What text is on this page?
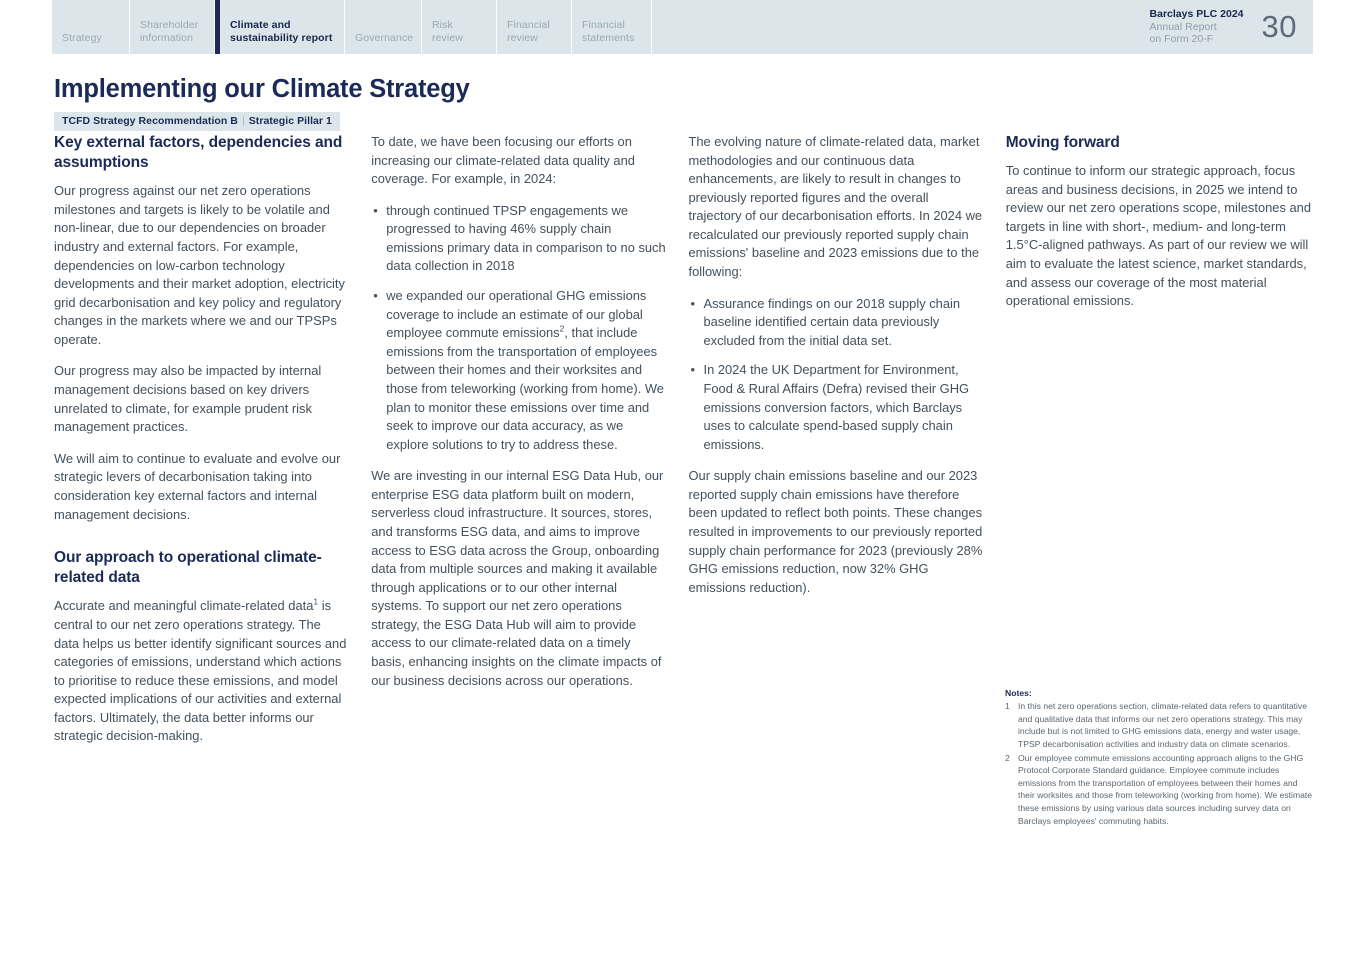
Strategy
Shareholder
information
Climate and
sustainability report Governance
Risk
review
Financial
review
Financial
statements
Barclays PLC 2024
Annual Report
on Form 20-F	30
Implementing our Climate Strategy
TCFD Strategy Recommendation B | Strategic Pillar 1
Key external factors, dependencies and assumptions

Our progress against our net zero operations milestones and targets is likely to be volatile and non-linear, due to our dependencies on broader industry and external factors. For example, dependencies on low-carbon technology developments and their market adoption, electricity grid decarbonisation and key policy and regulatory changes in the markets where we and our TPSPs operate.

Our progress may also be impacted by internal management decisions based on key drivers unrelated to climate, for example prudent risk management practices.

We will aim to continue to evaluate and evolve our strategic levers of decarbonisation taking into consideration key external factors and internal management decisions.

Our approach to operational climate-related data

Accurate and meaningful climate-related data$^1$ is central to our net zero operations strategy. The data helps us better identify significant sources and categories of emissions, understand which actions to prioritise to reduce these emissions, and model expected implications of our activities and external factors. Ultimately, the data better informs our strategic decision-making.

To date, we have been focusing our efforts on increasing our climate-related data quality and coverage. For example, in 2024:

• through continued TPSP engagements we progressed to having 46% supply chain emissions primary data in comparison to no such data collection in 2018
• we expanded our operational GHG emissions coverage to include an estimate of our global employee commute emissions$^2$, that include emissions from the transportation of employees between their homes and their worksites and those from teleworking (working from home). We plan to monitor these emissions over time and seek to improve our data accuracy, as we explore solutions to try to address these.

We are investing in our internal ESG Data Hub, our enterprise ESG data platform built on modern, serverless cloud infrastructure. It sources, stores, and transforms ESG data, and aims to improve access to ESG data across the Group, onboarding data from multiple sources and making it available through applications or to our other internal systems. To support our net zero operations strategy, the ESG Data Hub will aim to provide access to our climate-related data on a timely basis, enhancing insights on the climate impacts of our business decisions across our operations.

The evolving nature of climate-related data, market methodologies and our continuous data enhancements, are likely to result in changes to previously reported figures and the overall trajectory of our decarbonisation efforts. In 2024 we recalculated our previously reported supply chain emissions' baseline and 2023 emissions due to the following:

• Assurance findings on our 2018 supply chain baseline identified certain data previously excluded from the initial data set.
• In 2024 the UK Department for Environment, Food & Rural Affairs (Defra) revised their GHG emissions conversion factors, which Barclays uses to calculate spend-based supply chain emissions.

Our supply chain emissions baseline and our 2023 reported supply chain emissions have therefore been updated to reflect both points. These changes resulted in improvements to our previously reported supply chain performance for 2023 (previously 28% GHG emissions reduction, now 32% GHG emissions reduction).

Moving forward

To continue to inform our strategic approach, focus areas and business decisions, in 2025 we intend to review our net zero operations scope, milestones and targets in line with short-, medium- and long-term 1.5°C-aligned pathways. As part of our review we will aim to evaluate the latest science, market standards, and assess our coverage of the most material operational emissions.

Notes:
1 In this net zero operations section, climate-related data refers to quantitative and qualitative data that informs our net zero operations strategy. This may include but is not limited to GHG emissions data, energy and water usage, TPSP decarbonisation activities and industry data on climate scenarios.
2 Our employee commute emissions accounting approach aligns to the GHG Protocol Corporate Standard guidance. Employee commute includes emissions from the transportation of employees between their homes and their worksites and those from teleworking (working from home). We estimate these emissions by using various data sources including survey data on Barclays employees' commuting habits.
